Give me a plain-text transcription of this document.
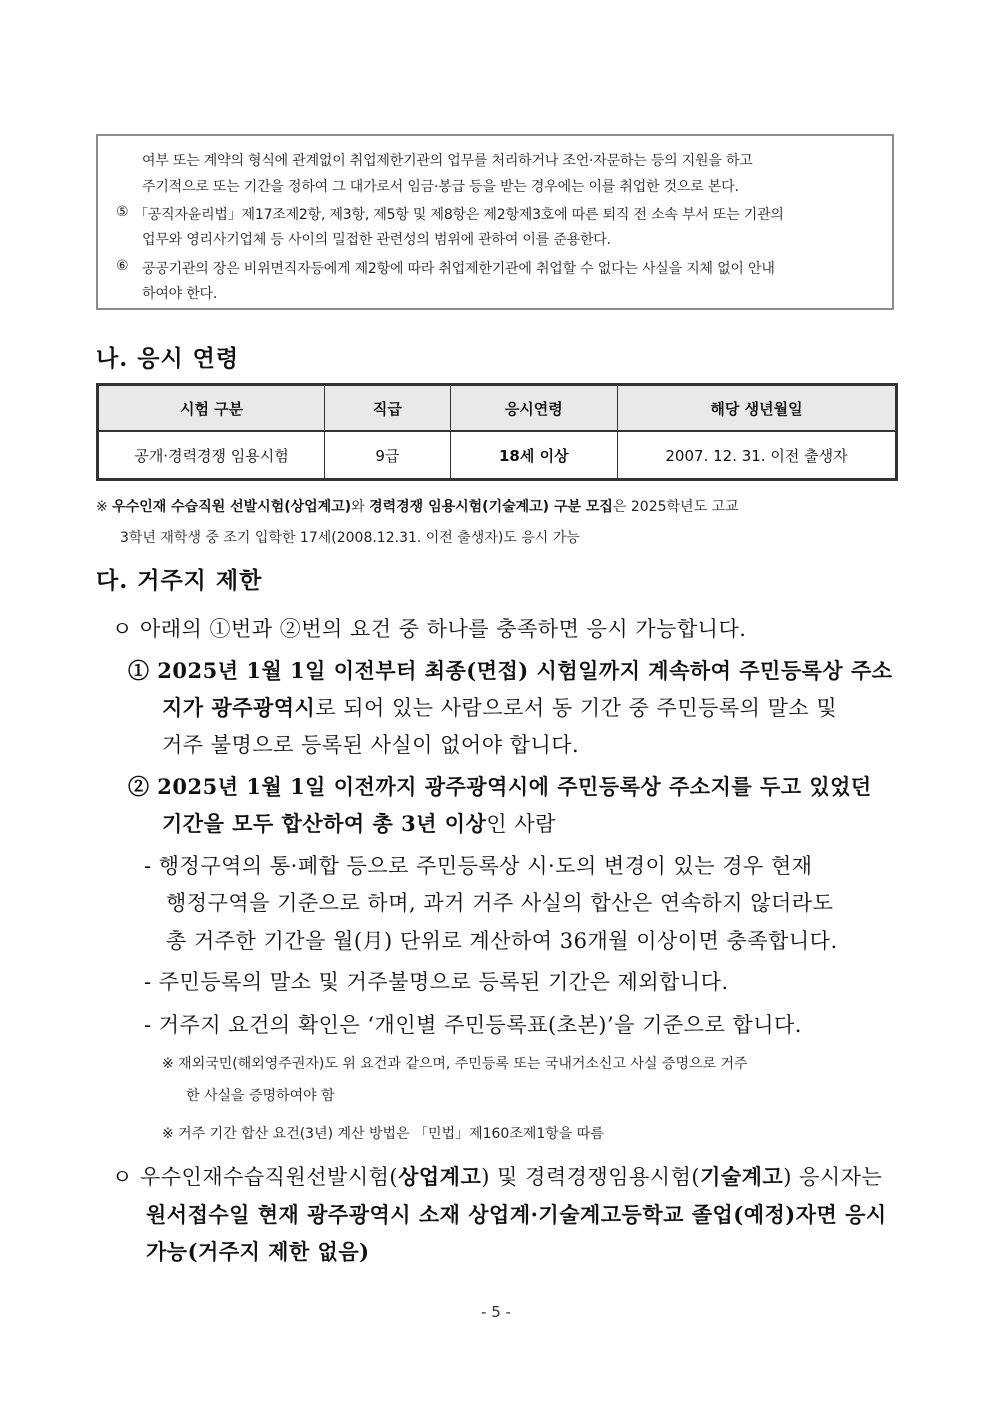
여부 또는 계약의 형식에 관계없이 취업제한기관의 업무를 처리하거나 조언·자문하는 등의 지원을 하고
주기적으로 또는 기간을 정하여 그 대가로서 임금·봉급 등을 받는 경우에는 이를 취업한 것으로 본다.
⑤ 「공직자윤리법」제17조제2항, 제3항, 제5항 및 제8항은 제2항제3호에 따른 퇴직 전 소속 부서 또는 기관의
업무와 영리사기업체 등 사이의 밀접한 관련성의 범위에 관하여 이를 준용한다.
⑥ 공공기관의 장은 비위면직자등에게 제2항에 따라 취업제한기관에 취업할 수 없다는 사실을 지체 없이 안내
하여야 한다.
나. 응시 연령
시험 구분	직급	응시연령	해당 생년월일
공개·경력경쟁 임용시험	9급	18세 이상	2007. 12. 31. 이전 출생자
※ 우수인재 수습직원 선발시험(상업계고)와 경력경쟁 임용시험(기술계고) 구분 모집은 2025학년도 고교
3학년 재학생 중 조기 입학한 17세(2008.12.31. 이전 출생자)도 응시 가능
다. 거주지 제한
ㅇ 아래의 ①번과 ②번의 요건 중 하나를 충족하면 응시 가능합니다.
① 2025년 1월 1일 이전부터 최종(면접) 시험일까지 계속하여 주민등록상 주소
지가 광주광역시로 되어 있는 사람으로서 동 기간 중 주민등록의 말소 및
거주 불명으로 등록된 사실이 없어야 합니다.
② 2025년 1월 1일 이전까지 광주광역시에 주민등록상 주소지를 두고 있었던
기간을 모두 합산하여 총 3년 이상인 사람
- 행정구역의 통·폐합 등으로 주민등록상 시·도의 변경이 있는 경우 현재
행정구역을 기준으로 하며, 과거 거주 사실의 합산은 연속하지 않더라도
총 거주한 기간을 월(月) 단위로 계산하여 36개월 이상이면 충족합니다.
- 주민등록의 말소 및 거주불명으로 등록된 기간은 제외합니다.
- 거주지 요건의 확인은 ‘개인별 주민등록표(초본)’을 기준으로 합니다.
※ 재외국민(해외영주권자)도 위 요건과 같으며, 주민등록 또는 국내거소신고 사실 증명으로 거주
한 사실을 증명하여야 함
※ 거주 기간 합산 요건(3년) 계산 방법은 「민법」제160조제1항을 따름
ㅇ 우수인재수습직원선발시험(상업계고) 및 경력경쟁임용시험(기술계고) 응시자는
원서접수일 현재 광주광역시 소재 상업계·기술계고등학교 졸업(예정)자면 응시
가능(거주지 제한 없음)
- 5 -
